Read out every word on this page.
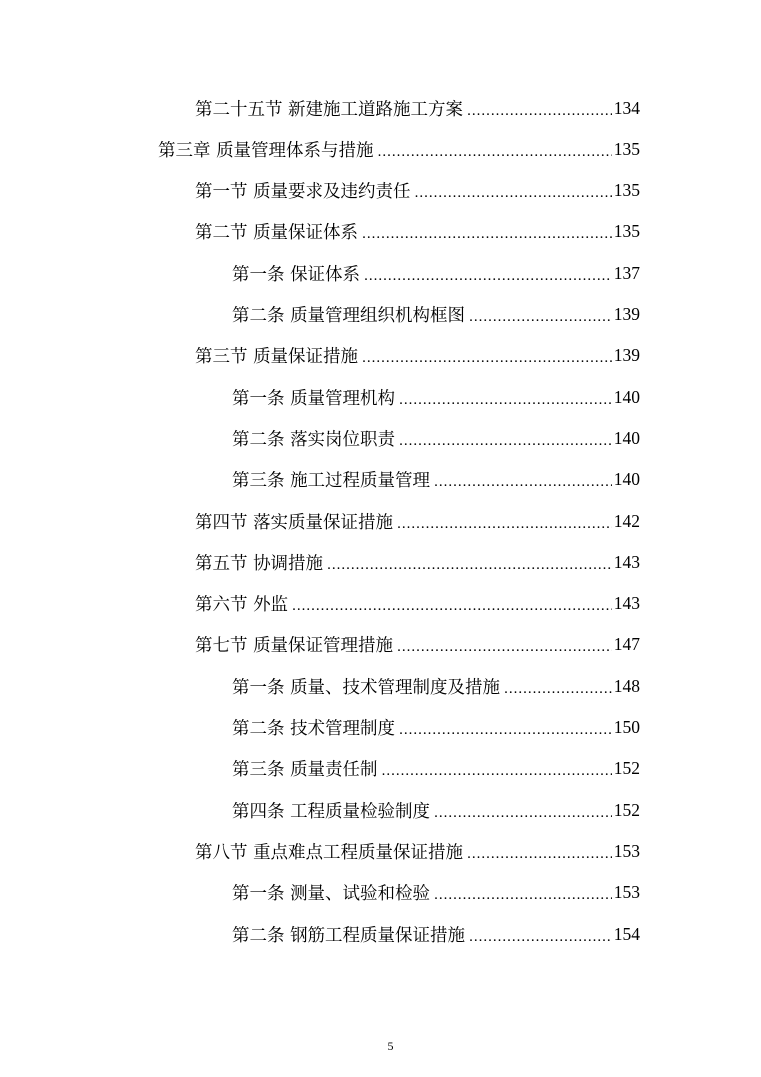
第二十五节 新建施工道路施工方案 .....	134
第三章 质量管理体系与措施 .....	135
第一节 质量要求及违约责任 .....	135
第二节 质量保证体系 .....	135
第一条 保证体系 .....	137
第二条 质量管理组织机构框图 .....	139
第三节 质量保证措施 .....	139
第一条 质量管理机构 .....	140
第二条 落实岗位职责 .....	140
第三条 施工过程质量管理 .....	140
第四节 落实质量保证措施 .....	142
第五节 协调措施 .....	143
第六节 外监 .....	143
第七节 质量保证管理措施 .....	147
第一条 质量、技术管理制度及措施 .....	148
第二条 技术管理制度 .....	150
第三条 质量责任制 .....	152
第四条 工程质量检验制度 .....	152
第八节 重点难点工程质量保证措施 .....	153
第一条 测量、试验和检验 .....	153
第二条 钢筋工程质量保证措施 .....	154
5
